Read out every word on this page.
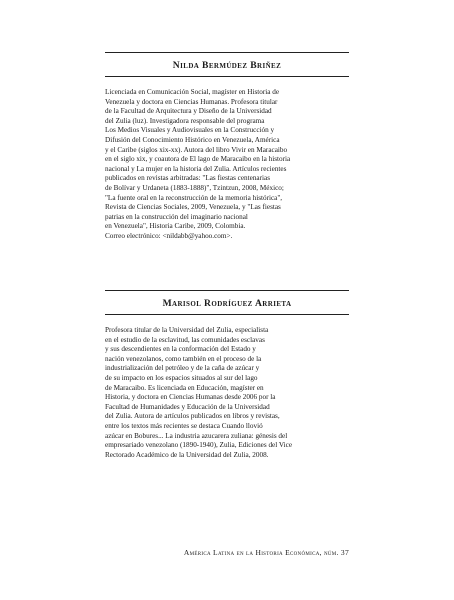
Nilda Bermúdez Briñez
Licenciada en Comunicación Social, magíster en Historia de
Venezuela y doctora en Ciencias Humanas. Profesora titular
de la Facultad de Arquitectura y Diseño de la Universidad
del Zulia (luz). Investigadora responsable del programa
Los Medios Visuales y Audiovisuales en la Construcción y
Difusión del Conocimiento Histórico en Venezuela, América
y el Caribe (siglos xix-xx). Autora del libro Vivir en Maracaibo
en el siglo xix, y coautora de El lago de Maracaibo en la historia
nacional y La mujer en la historia del Zulia. Artículos recientes
publicados en revistas arbitradas: "Las fiestas centenarias
de Bolívar y Urdaneta (1883-1888)", Tzintzun, 2008, México;
"La fuente oral en la reconstrucción de la memoria histórica",
Revista de Ciencias Sociales, 2009, Venezuela, y "Las fiestas
patrias en la construcción del imaginario nacional
en Venezuela", Historia Caribe, 2009, Colombia.
Correo electrónico: <nildabb@yahoo.com>.
Marisol Rodríguez Arrieta
Profesora titular de la Universidad del Zulia, especialista
en el estudio de la esclavitud, las comunidades esclavas
y sus descendientes en la conformación del Estado y
nación venezolanos, como también en el proceso de la
industrialización del petróleo y de la caña de azúcar y
de su impacto en los espacios situados al sur del lago
de Maracaibo. Es licenciada en Educación, magíster en
Historia, y doctora en Ciencias Humanas desde 2006 por la
Facultad de Humanidades y Educación de la Universidad
del Zulia. Autora de artículos publicados en libros y revistas,
entre los textos más recientes se destaca Cuando llovió
azúcar en Bobures... La industria azucarera zuliana: génesis del
empresariado venezolano (1890-1940), Zulia, Ediciones del Vice
Rectorado Académico de la Universidad del Zulia, 2008.

América Latina en la Historia Económica, núm. 37
